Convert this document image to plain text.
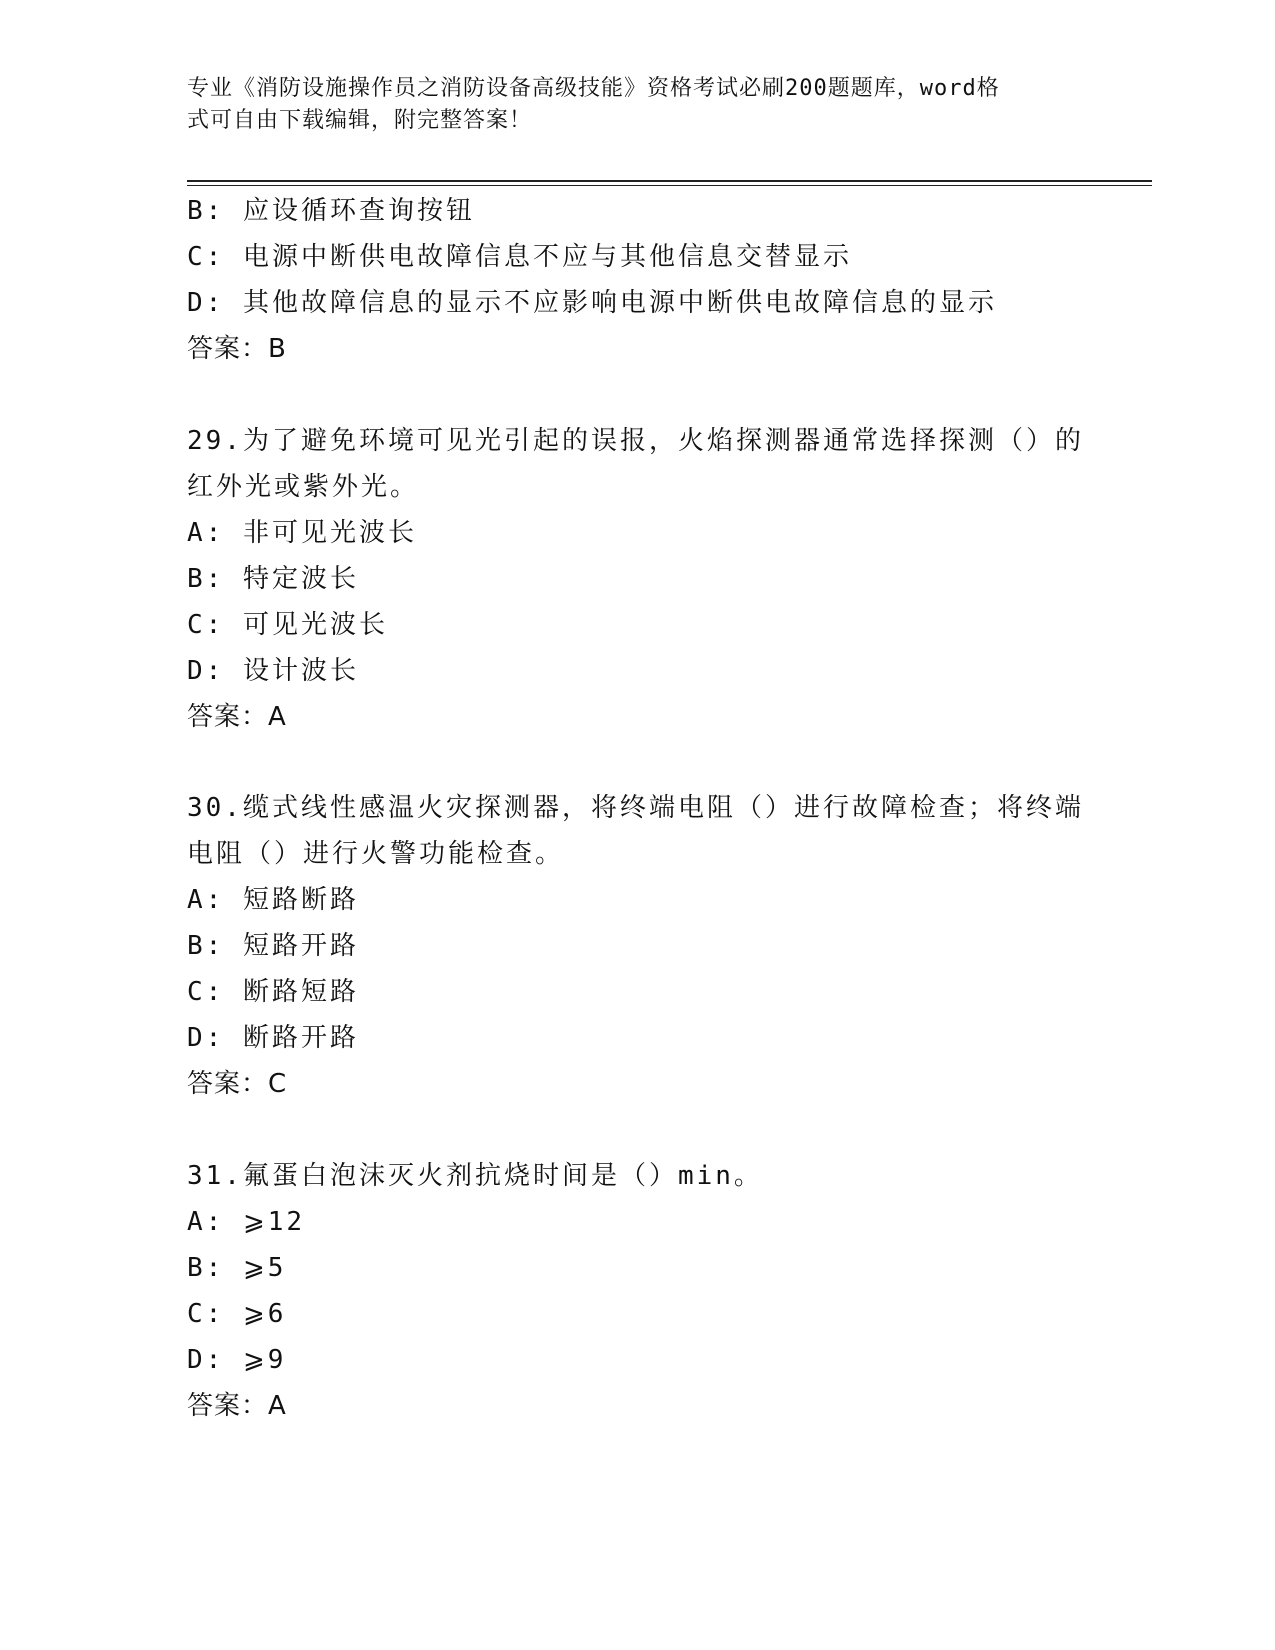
专业《消防设施操作员之消防设备高级技能》资格考试必刷200题题库，word格
式可自由下载编辑，附完整答案！
B: 应设循环查询按钮
C: 电源中断供电故障信息不应与其他信息交替显示
D: 其他故障信息的显示不应影响电源中断供电故障信息的显示
答案：B
29.为了避免环境可见光引起的误报，火焰探测器通常选择探测（）的
红外光或紫外光。
A: 非可见光波长
B: 特定波长
C: 可见光波长
D: 设计波长
答案：A
30.缆式线性感温火灾探测器，将终端电阻（）进行故障检查；将终端
电阻（）进行火警功能检查。
A: 短路断路
B: 短路开路
C: 断路短路
D: 断路开路
答案：C
31.氟蛋白泡沫灭火剂抗烧时间是（）min。
A: ⩾12
B: ⩾5
C: ⩾6
D: ⩾9
答案：A
